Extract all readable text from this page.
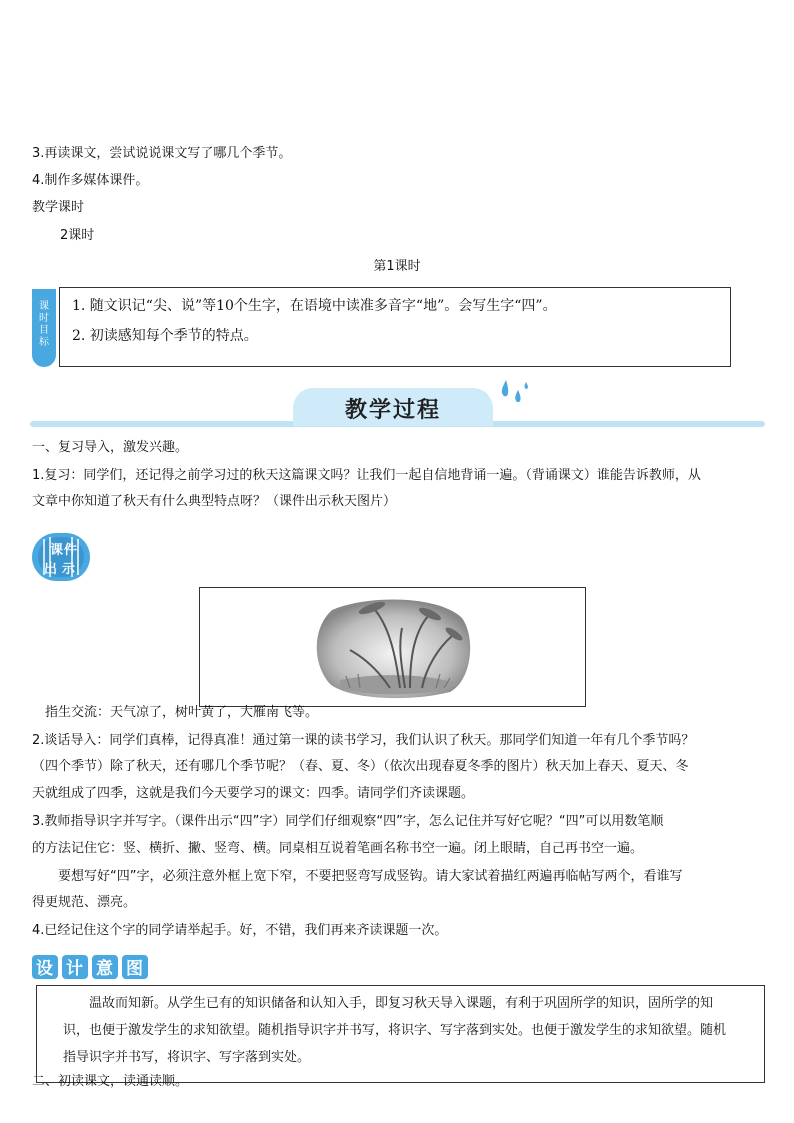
3.再读课文，尝试说说课文写了哪几个季节。
4.制作多媒体课件。
教学课时
2课时
第1课时
课
时
目
标
1. 随文识记“尖、说”等10个生字，在语境中读准多音字“地”。会写生字“四”。
2. 初读感知每个季节的特点。
教学过程
一、复习导入，激发兴趣。
1.复习：同学们，还记得之前学习过的秋天这篇课文吗？让我们一起自信地背诵一遍。（背诵课文）谁能告诉教师，从
文章中你知道了秋天有什么典型特点呀？（课件出示秋天图片）
课 件
出 示
指生交流：天气凉了，树叶黄了，大雁南飞等。
2.谈话导入：同学们真棒，记得真准！通过第一课的读书学习，我们认识了秋天。那同学们知道一年有几个季节吗？
（四个季节）除了秋天，还有哪几个季节呢？（春、夏、冬）（依次出现春夏冬季的图片）秋天加上春天、夏天、冬
天就组成了四季，这就是我们今天要学习的课文：四季。请同学们齐读课题。
3.教师指导识字并写字。（课件出示“四”字）同学们仔细观察“四”字，怎么记住并写好它呢？“四”可以用数笔顺
的方法记住它：竖、横折、撇、竖弯、横。同桌相互说着笔画名称书空一遍。闭上眼睛，自己再书空一遍。
　　要想写好“四”字，必须注意外框上宽下窄，不要把竖弯写成竖钩。请大家试着描红两遍再临帖写两个，看谁写
得更规范、漂亮。
4.已经记住这个字的同学请举起手。好，不错，我们再来齐读课题一次。
设 计 意 图
　　温故而知新。从学生已有的知识储备和认知入手，即复习秋天导入课题，有利于巩固所学的知识，固所学的知
识，也便于激发学生的求知欲望。随机指导识字并书写，将识字、写字落到实处。也便于激发学生的求知欲望。随机
指导识字并书写，将识字、写字落到实处。
二、初读课文，读通读顺。
